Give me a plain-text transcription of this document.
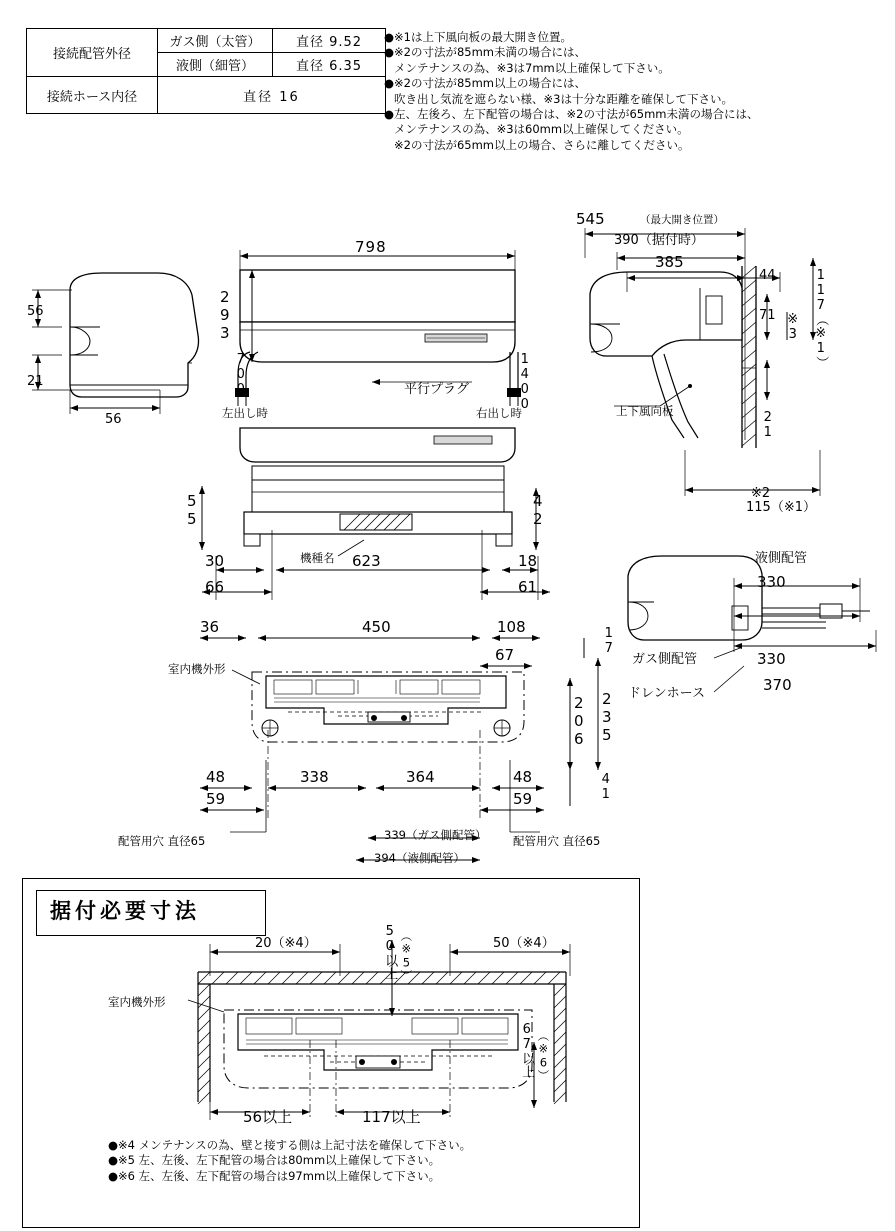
接続配管外径	ガス側（太管）	直径 9.52
	液側（細管）	直径 6.35
接続ホース内径	直径 16	

●※1は上下風向板の最大開き位置。

●※2の寸法が85mm未満の場合には、

メンテナンスの為、※3は7mm以上確保して下さい。

●※2の寸法が85mm以上の場合には、

吹き出し気流を遮らない様、※3は十分な距離を確保して下さい。

●左、左後ろ、左下配管の場合は、※2の寸法が65mm未満の場合には、

メンテナンスの為、※3は60mm以上確保してください。

※2の寸法が65mm以上の場合、さらに離してください。

56
21
56
798
293
700	1400
平行プラグ
左出し時	右出し時
545	（最大開き位置）
390（据付時）
385
44
71	117（※1）
※3
21
※2
115（※1）
上下風向板
55	42
30	623	18
66	61
機種名
36	450	108
67	17
235
206
41
48	338	364	48
59	59
室内機外形
配管用穴 直径65	配管用穴 直径65
339（ガス側配管）
394（液側配管）
液側配管
330
ガス側配管	330
ドレンホース	370
据付必要寸法
20（※4）	50（※4）
50以上 （※5）
67以上 （※6）
56以上	117以上
室内機外形

●※4 メンテナンスの為、壁と接する側は上記寸法を確保して下さい。

●※5 左、左後、左下配管の場合は80mm以上確保して下さい。

●※6 左、左後、左下配管の場合は97mm以上確保して下さい。
